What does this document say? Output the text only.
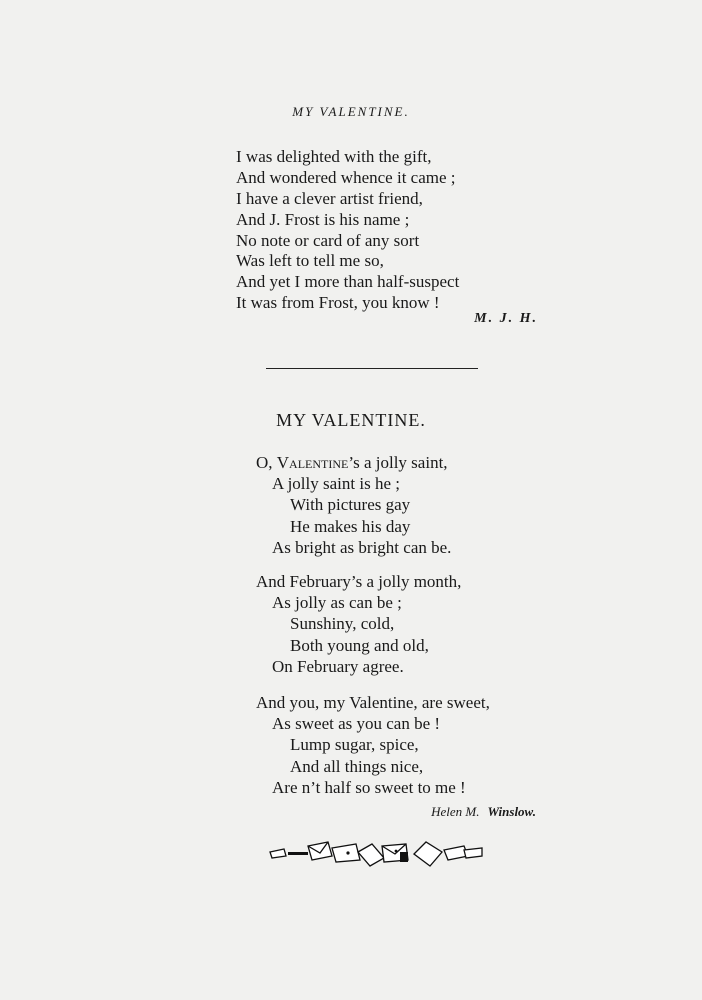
MY VALENTINE.
I was delighted with the gift,
And wondered whence it came ;
I have a clever artist friend,
And J. Frost is his name ;
No note or card of any sort
Was left to tell me so,
And yet I more than half-suspect
It was from Frost, you know !
M. J. H.
MY VALENTINE.
O, Valentine’s a jolly saint,
A jolly saint is he ;
With pictures gay
He makes his day
As bright as bright can be.
And February’s a jolly month,
As jolly as can be ;
Sunshiny, cold,
Both young and old,
On February agree.
And you, my Valentine, are sweet,
As sweet as you can be !
Lump sugar, spice,
And all things nice,
Are n’t half so sweet to me !
Helen M. Winslow.
